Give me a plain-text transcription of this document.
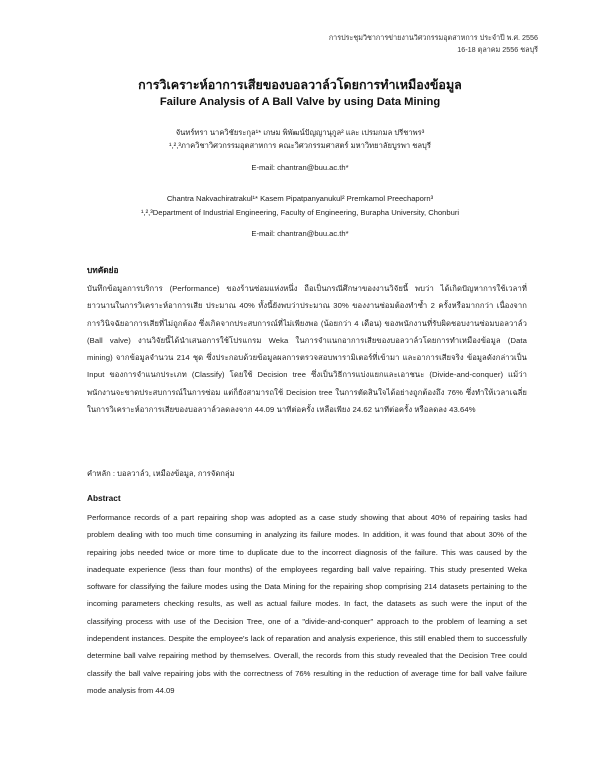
การประชุมวิชาการข่ายงานวิศวกรรมอุตสาหการ ประจำปี พ.ศ. 2556
16-18 ตุลาคม 2556 ชลบุรี
การวิเคราะห์อาการเสียของบอลวาล์วโดยการทำเหมืองข้อมูล
Failure Analysis of A Ball Valve by using Data Mining
จันทร์ทรา นาควิชัยระกุล¹* เกษม พิพัฒน์ปัญญานุกูล² และ เปรมกมล ปรีชาพร³
¹,²,³ภาควิชาวิศวกรรมอุตสาหการ คณะวิศวกรรมศาสตร์ มหาวิทยาลัยบูรพา ชลบุรี
E-mail: chantran@buu.ac.th*
Chantra Nakvachiratrakul¹* Kasem Pipatpanyanukul² Premkamol Preechaporn³
¹,²,³Department of Industrial Engineering, Faculty of Engineering, Burapha University, Chonburi
E-mail: chantran@buu.ac.th*
บทคัดย่อ

บันทึกข้อมูลการบริการ (Performance) ของร้านซ่อมแห่งหนึ่ง ถือเป็นกรณีศึกษาของงานวิจัยนี้ พบว่า ได้เกิดปัญหาการใช้เวลาที่ยาวนานในการวิเคราะห์อาการเสีย ประมาณ 40% ทั้งนี้ยังพบว่าประมาณ 30% ของงานซ่อมต้องทำซ้ำ 2 ครั้งหรือมากกว่า เนื่องจากการวินิจฉัยอาการเสียที่ไม่ถูกต้อง ซึ่งเกิดจากประสบการณ์ที่ไม่เพียงพอ (น้อยกว่า 4 เดือน) ของพนักงานที่รับผิดชอบงานซ่อมบอลวาล์ว (Ball valve) งานวิจัยนี้ได้นำเสนอการใช้โปรแกรม Weka ในการจำแนกอาการเสียของบอลวาล์วโดยการทำเหมืองข้อมูล (Data mining) จากข้อมูลจำนวน 214 ชุด ซึ่งประกอบด้วยข้อมูลผลการตรวจสอบพารามิเตอร์ที่เข้ามา และอาการเสียจริง ข้อมูลดังกล่าวเป็น Input ของการจำแนกประเภท (Classify) โดยใช้ Decision tree ซึ่งเป็นวิธีการแบ่งแยกและเอาชนะ (Divide-and-conquer) แม้ว่าพนักงานจะขาดประสบการณ์ในการซ่อม แต่ก็ยังสามารถใช้ Decision tree ในการตัดสินใจได้อย่างถูกต้องถึง 76% ซึ่งทำให้เวลาเฉลี่ยในการวิเคราะห์อาการเสียของบอลวาล์วลดลงจาก 44.09 นาทีต่อครั้ง เหลือเพียง 24.62 นาทีต่อครั้ง หรือลดลง 43.64%

คำหลัก : บอลวาล์ว, เหมืองข้อมูล, การจัดกลุ่ม
Abstract

Performance records of a part repairing shop was adopted as a case study showing that about 40% of repairing tasks had problem dealing with too much time consuming in analyzing its failure modes. In addition, it was found that about 30% of the repairing jobs needed twice or more time to duplicate due to the incorrect diagnosis of the failure. This was caused by the inadequate experience (less than four months) of the employees regarding ball valve repairing. This study presented Weka software for classifying the failure modes using the Data Mining for the repairing shop comprising 214 datasets pertaining to the incoming parameters checking results, as well as actual failure modes. In fact, the datasets as such were the input of the classifying process with use of the Decision Tree, one of a "divide-and-conquer" approach to the problem of learning a set independent instances. Despite the employee's lack of reparation and analysis experience, this still enabled them to successfully determine ball valve repairing method by themselves. Overall, the records from this study revealed that the Decision Tree could classify the ball valve repairing jobs with the correctness of 76% resulting in the reduction of average time for ball valve failure mode analysis from 44.09
